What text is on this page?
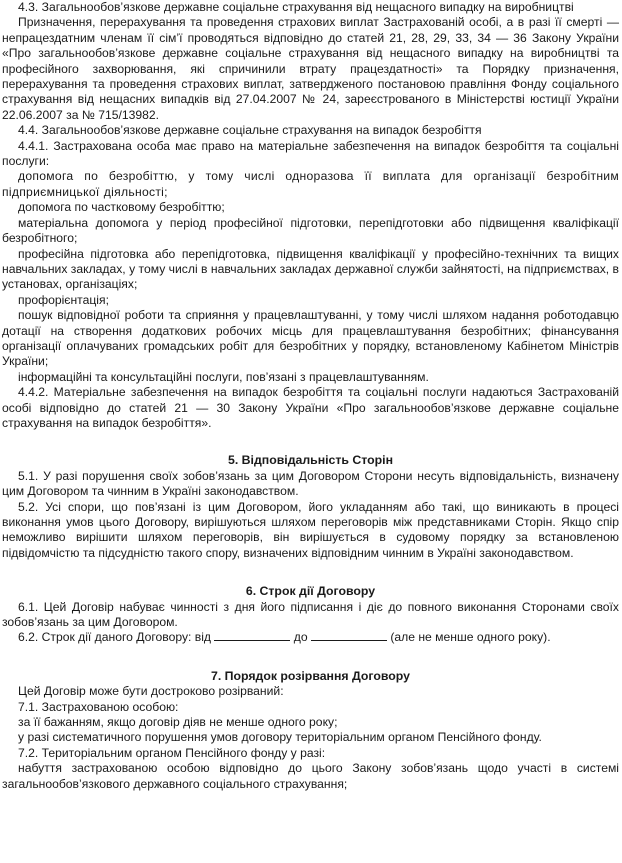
4.3. Загальнообов’язкове державне соціальне страхування від нещасного випадку на виробництві

Призначення, перерахування та проведення страхових виплат Застрахованій особі, а в разі її смерті — непрацездатним членам її сім’ї проводяться відповідно до статей 21, 28, 29, 33, 34 — 36 Закону України «Про загальнообов’язкове державне соціальне страхування від нещасного випадку на виробництві та професійного захворювання, які спричинили втрату працездатності» та Порядку призначення, перерахування та проведення страхових виплат, затвердженого постановою правління Фонду соціального страхування від нещасних випадків від 27.04.2007 № 24, зареєстрованого в Міністерстві юстиції України 22.06.2007 за № 715/13982.

4.4. Загальнообов’язкове державне соціальне страхування на випадок безробіття

4.4.1. Застрахована особа має право на матеріальне забезпечення на випадок безробіття та соціальні послуги:

допомога по безробіттю, у тому числі одноразова її виплата для організації безробітним підприємницької діяльності;

допомога по частковому безробіттю;

матеріальна допомога у період професійної підготовки, перепідготовки або підвищення кваліфікації безробітного;

професійна підготовка або перепідготовка, підвищення кваліфікації у професійно-технічних та вищих навчальних закладах, у тому числі в навчальних закладах державної служби зайнятості, на підприємствах, в установах, організаціях;

профорієнтація;

пошук відповідної роботи та сприяння у працевлаштуванні, у тому числі шляхом надання роботодавцю дотації на створення додаткових робочих місць для працевлаштування безробітних; фінансування організації оплачуваних громадських робіт для безробітних у порядку, встановленому Кабінетом Міністрів України;

інформаційні та консультаційні послуги, пов’язані з працевлаштуванням.

4.4.2. Матеріальне забезпечення на випадок безробіття та соціальні послуги надаються Застрахованій особі відповідно до статей 21 — 30 Закону України «Про загальнообов’язкове державне соціальне страхування на випадок безробіття».

5. Відповідальність Сторін

5.1. У разі порушення своїх зобов’язань за цим Договором Сторони несуть відповідальність, визначену цим Договором та чинним в Україні законодавством.

5.2. Усі спори, що пов’язані із цим Договором, його укладанням або такі, що виникають в процесі виконання умов цього Договору, вирішуються шляхом переговорів між представниками Сторін. Якщо спір неможливо вирішити шляхом переговорів, він вирішується в судовому порядку за встановленою підвідомчістю та підсудністю такого спору, визначених відповідним чинним в Україні законодавством.

6. Строк дії Договору

6.1. Цей Договір набуває чинності з дня його підписання і діє до повного виконання Сторонами своїх зобов’язань за цим Договором.

6.2. Строк дії даного Договору: від	до	(але не менше одного року).

7. Порядок розірвання Договору

Цей Договір може бути достроково розірваний:

7.1. Застрахованою особою:

за її бажанням, якщо договір діяв не менше одного року;

у разі систематичного порушення умов договору територіальним органом Пенсійного фонду.

7.2. Територіальним органом Пенсійного фонду у разі:

набуття застрахованою особою відповідно до цього Закону зобов’язань щодо участі в системі загальнообов’язкового державного соціального страхування;
